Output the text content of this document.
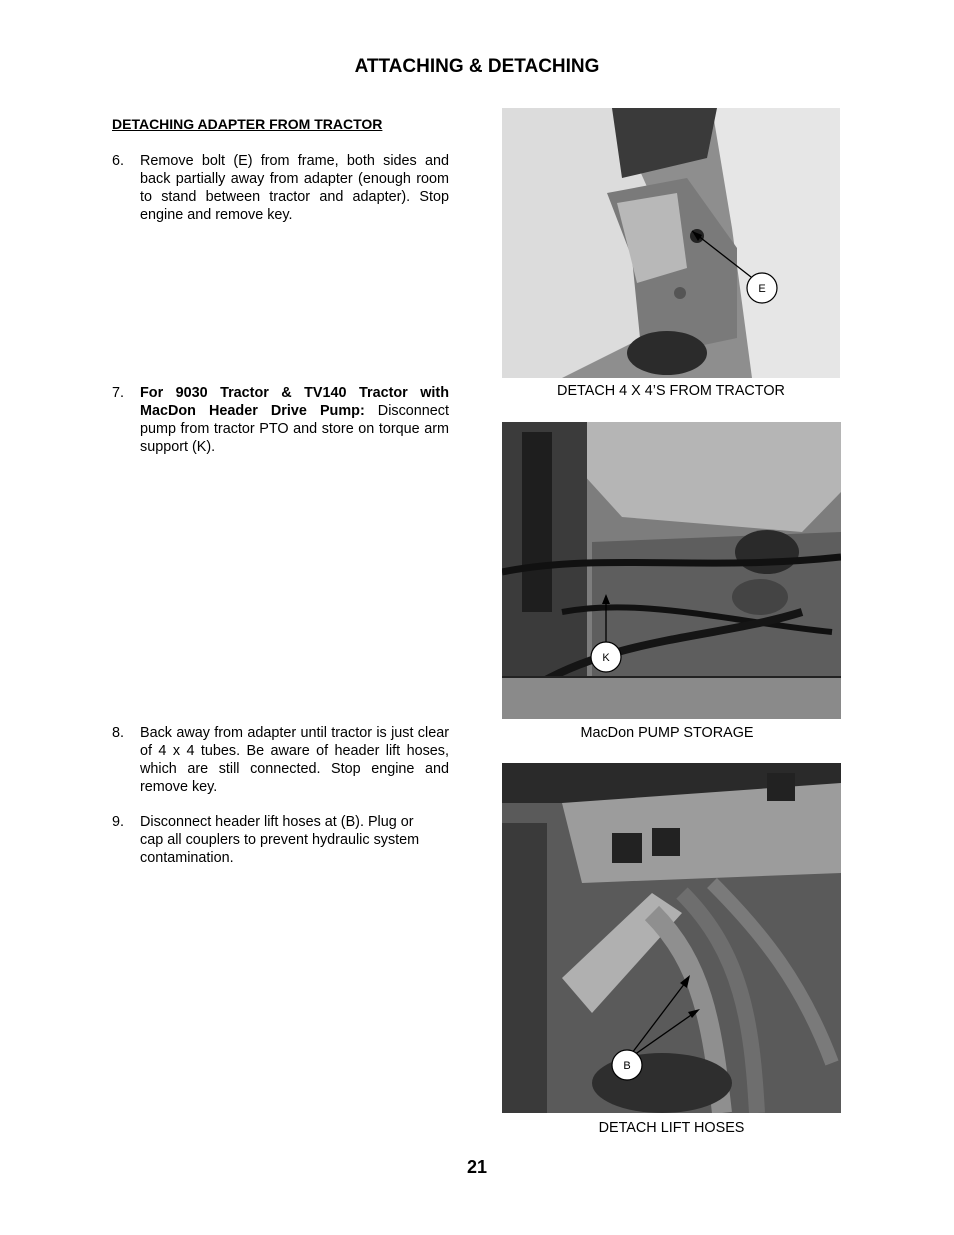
ATTACHING & DETACHING
DETACHING ADAPTER FROM TRACTOR
6. Remove bolt (E) from frame, both sides and back partially away from adapter (enough room to stand between tractor and adapter). Stop engine and remove key.
7. For 9030 Tractor & TV140 Tractor with MacDon Header Drive Pump: Disconnect pump from tractor PTO and store on torque arm support (K).
8. Back away from adapter until tractor is just clear of 4 x 4 tubes. Be aware of header lift hoses, which are still connected. Stop engine and remove key.
9. Disconnect header lift hoses at (B). Plug or cap all couplers to prevent hydraulic system contamination.
E
DETACH 4 X 4’S FROM TRACTOR
K
MacDon PUMP STORAGE
B
DETACH LIFT HOSES
21
